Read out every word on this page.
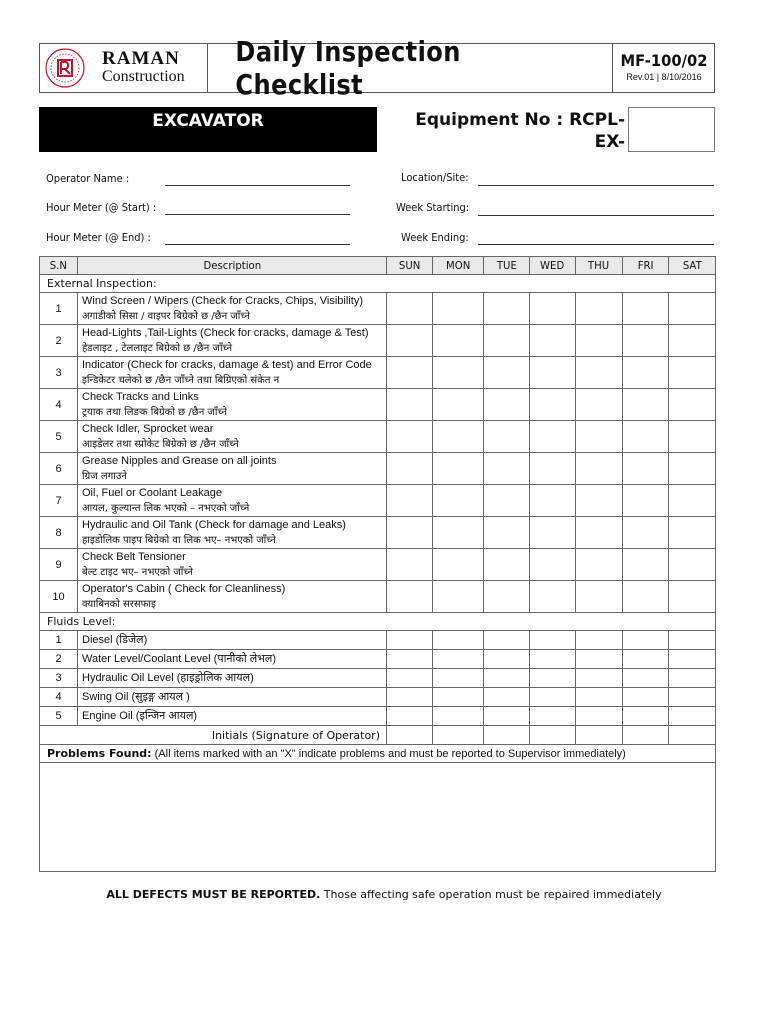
RAMAN
Construction
Daily Inspection Checklist
MF-100/02
Rev.01 | 8/10/2016
EXCAVATOR	Equipment No : RCPL-
EX-
Operator Name :
Hour Meter (@ Start) :
Hour Meter (@ End) :
Location/Site:
Week Starting:
Week Ending:
S.N	Description	SUN	MON	TUE	WED	THU	FRI	SAT
External Inspection:								
1	Wind Screen / Wipers (Check for Cracks, Chips, Visibility)
अगाडीको सिसा / वाइपर बिग्रेको छ /छैन जाँच्ने							

2	Head-Lights ,Tail-Lights (Check for cracks, damage & Test)
हेडलाइट , टेललाइट बिग्रेको छ /छैन जाँच्ने							

3	Indicator (Check for cracks, damage & test) and Error Code
इन्डिकेटर चलेको छ /छैन जाँच्ने तथा बिग्रिएको संकेत न							

4	Check Tracks and Links
ट्रयाक तथा लिङक बिग्रेको छ /छैन जाँच्ने							

5	Check Idler, Sprocket wear
आइडेलर तथा स्प्रोकेट बिग्रेको छ /छैन जाँच्ने							

6	Grease Nipples and Grease on all joints
ग्रिज लगाउने							

7	Oil, Fuel or Coolant Leakage
आयल, कुल्यान्त लिक भएको – नभएको जाँच्ने							

8	Hydraulic and Oil Tank (Check for damage and Leaks)
हाइडोलिक पाइप बिग्रेको वा लिक भए– नभएको जाँच्ने							

9	Check Belt Tensioner
बेल्ट टाइट भए– नभएको जाँच्ने							

10	Operator's Cabin ( Check for Cleanliness)
क्याबिनको सरसफाइ							

Fluids Level:								
1	Diesel (डिजेल)							
2	Water Level/Coolant Level (पानीको लेभल)							
3	Hydraulic Oil Level (हाइड्रोलिक आयल)							
4	Swing Oil (सुइङ्ग आयल )							
5	Engine Oil (इन्जिन आयल)							
Initials (Signature of Operator)								
Problems Found: (All items marked with an "X" indicate problems and must be reported to Supervisor immediately)								

ALL DEFECTS MUST BE REPORTED. Those affecting safe operation must be repaired immediately
